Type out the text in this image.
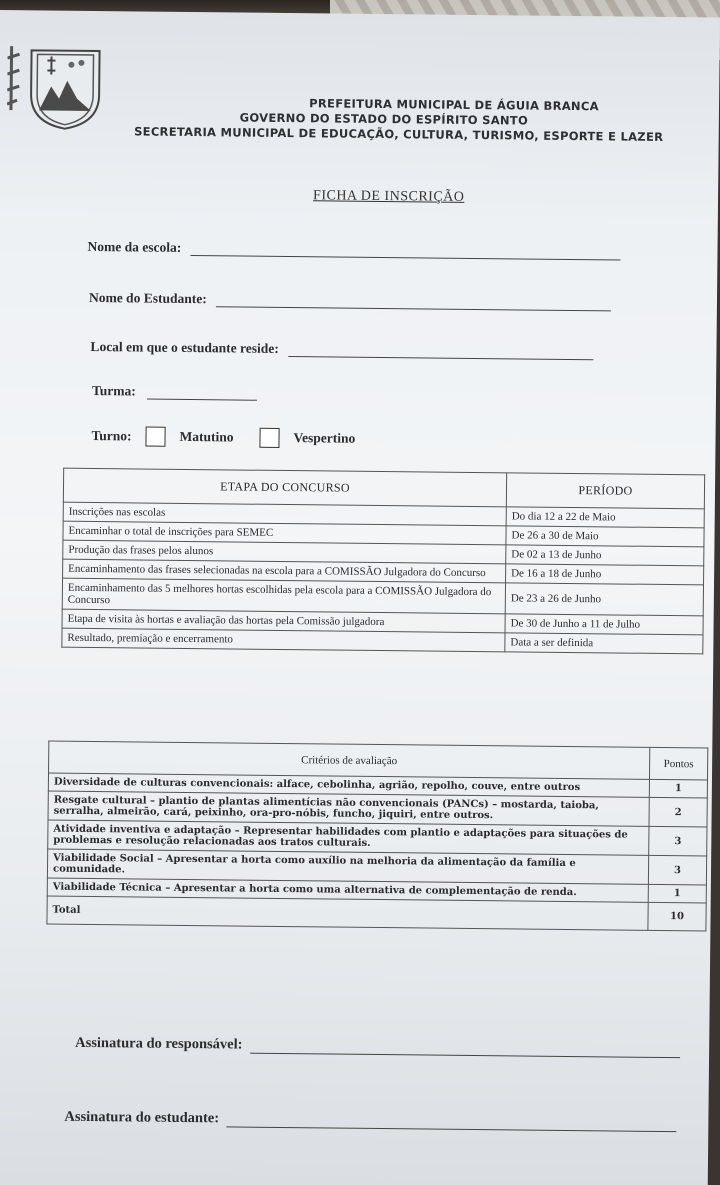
PREFEITURA MUNICIPAL DE ÁGUIA BRANCA
GOVERNO DO ESTADO DO ESPÍRITO SANTO
SECRETARIA MUNICIPAL DE EDUCAÇÃO, CULTURA, TURISMO, ESPORTE E LAZER
FICHA DE INSCRIÇÃO
Nome da escola:
Nome do Estudante:
Local em que o estudante reside:
Turma:
Turno:	Matutino	Vespertino
ETAPA DO CONCURSO	PERÍODO
Inscrições nas escolas	Do dia 12 a 22 de Maio
Encaminhar o total de inscrições para SEMEC	De 26 a 30 de Maio
Produção das frases pelos alunos	De 02 a 13 de Junho
Encaminhamento das frases selecionadas na escola para a COMISSÃO Julgadora do Concurso	De 16 a 18 de Junho
Encaminhamento das 5 melhores hortas escolhidas pela escola para a COMISSÃO Julgadora do Concurso	De 23 a 26 de Junho
Etapa de visita às hortas e avaliação das hortas pela Comissão julgadora	De 30 de Junho a 11 de Julho
Resultado, premiação e encerramento	Data a ser definida
Critérios de avaliação	Pontos
Diversidade de culturas convencionais: alface, cebolinha, agrião, repolho, couve, entre outros	1
Resgate cultural – plantio de plantas alimentícias não convencionais (PANCs) – mostarda, taioba, serralha, almeirão, cará, peixinho, ora-pro-nóbis, funcho, jiquiri, entre outros.	2
Atividade inventiva e adaptação – Representar habilidades com plantio e adaptações para situações de problemas e resolução relacionadas aos tratos culturais.	3
Viabilidade Social – Apresentar a horta como auxílio na melhoria da alimentação da família e comunidade.	3
Viabilidade Técnica – Apresentar a horta como uma alternativa de complementação de renda.	1
Total	10
Assinatura do responsável:
Assinatura do estudante:
